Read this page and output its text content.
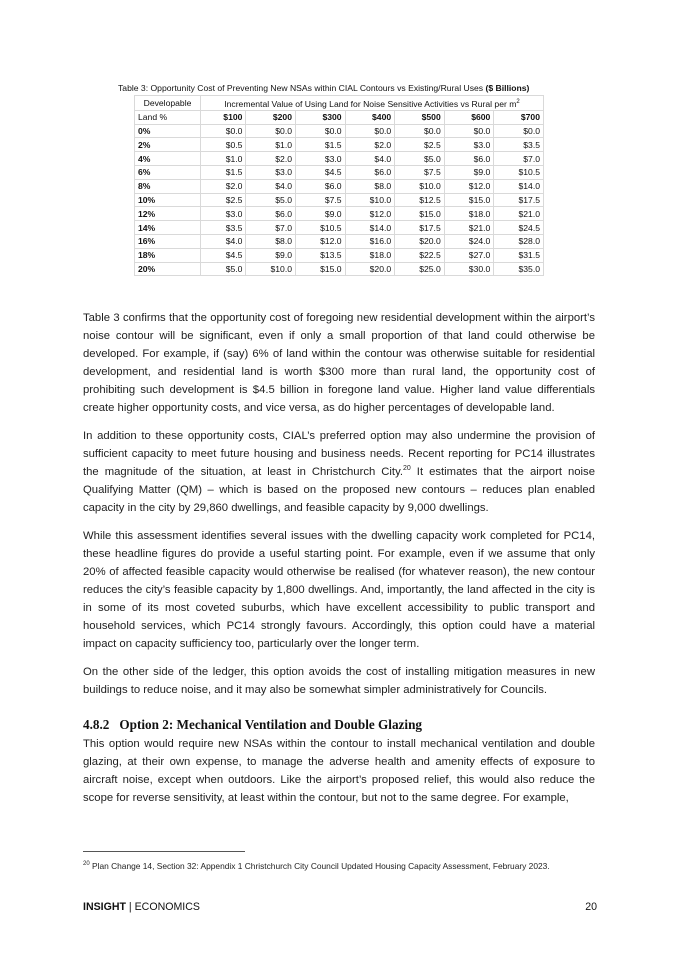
Table 3: Opportunity Cost of Preventing New NSAs within CIAL Contours vs Existing/Rural Uses ($ Billions)
Developable	Incremental Value of Using Land for Noise Sensitive Activities vs Rural per $m^2$
Land %	$100	$200	$300	$400	$500	$600	$700
0%	$0.0	$0.0	$0.0	$0.0	$0.0	$0.0	$0.0
2%	$0.5	$1.0	$1.5	$2.0	$2.5	$3.0	$3.5
4%	$1.0	$2.0	$3.0	$4.0	$5.0	$6.0	$7.0
6%	$1.5	$3.0	$4.5	$6.0	$7.5	$9.0	$10.5
8%	$2.0	$4.0	$6.0	$8.0	$10.0	$12.0	$14.0
10%	$2.5	$5.0	$7.5	$10.0	$12.5	$15.0	$17.5
12%	$3.0	$6.0	$9.0	$12.0	$15.0	$18.0	$21.0
14%	$3.5	$7.0	$10.5	$14.0	$17.5	$21.0	$24.5
16%	$4.0	$8.0	$12.0	$16.0	$20.0	$24.0	$28.0
18%	$4.5	$9.0	$13.5	$18.0	$22.5	$27.0	$31.5
20%	$5.0	$10.0	$15.0	$20.0	$25.0	$30.0	$35.0
Table 3 confirms that the opportunity cost of foregoing new residential development within the airport’s noise contour will be significant, even if only a small proportion of that land could otherwise be developed. For example, if (say) 6% of land within the contour was otherwise suitable for residential development, and residential land is worth $300 more than rural land, the opportunity cost of prohibiting such development is $4.5 billion in foregone land value. Higher land value differentials create higher opportunity costs, and vice versa, as do higher percentages of developable land.
In addition to these opportunity costs, CIAL’s preferred option may also undermine the provision of sufficient capacity to meet future housing and business needs. Recent reporting for PC14 illustrates the magnitude of the situation, at least in Christchurch City.$^{20}$ It estimates that the airport noise Qualifying Matter (QM) – which is based on the proposed new contours – reduces plan enabled capacity in the city by 29,860 dwellings, and feasible capacity by 9,000 dwellings.
While this assessment identifies several issues with the dwelling capacity work completed for PC14, these headline figures do provide a useful starting point. For example, even if we assume that only 20% of affected feasible capacity would otherwise be realised (for whatever reason), the new contour reduces the city’s feasible capacity by 1,800 dwellings. And, importantly, the land affected in the city is in some of its most coveted suburbs, which have excellent accessibility to public transport and household services, which PC14 strongly favours. Accordingly, this option could have a material impact on capacity sufficiency too, particularly over the longer term.
On the other side of the ledger, this option avoids the cost of installing mitigation measures in new buildings to reduce noise, and it may also be somewhat simpler administratively for Councils.
4.8.2 Option 2: Mechanical Ventilation and Double Glazing
This option would require new NSAs within the contour to install mechanical ventilation and double glazing, at their own expense, to manage the adverse health and amenity effects of exposure to aircraft noise, except when outdoors. Like the airport’s proposed relief, this would also reduce the scope for reverse sensitivity, at least within the contour, but not to the same degree. For example,
$^{20}$ Plan Change 14, Section 32: Appendix 1 Christchurch City Council Updated Housing Capacity Assessment, February 2023.
INSIGHT | ECONOMICS	20
